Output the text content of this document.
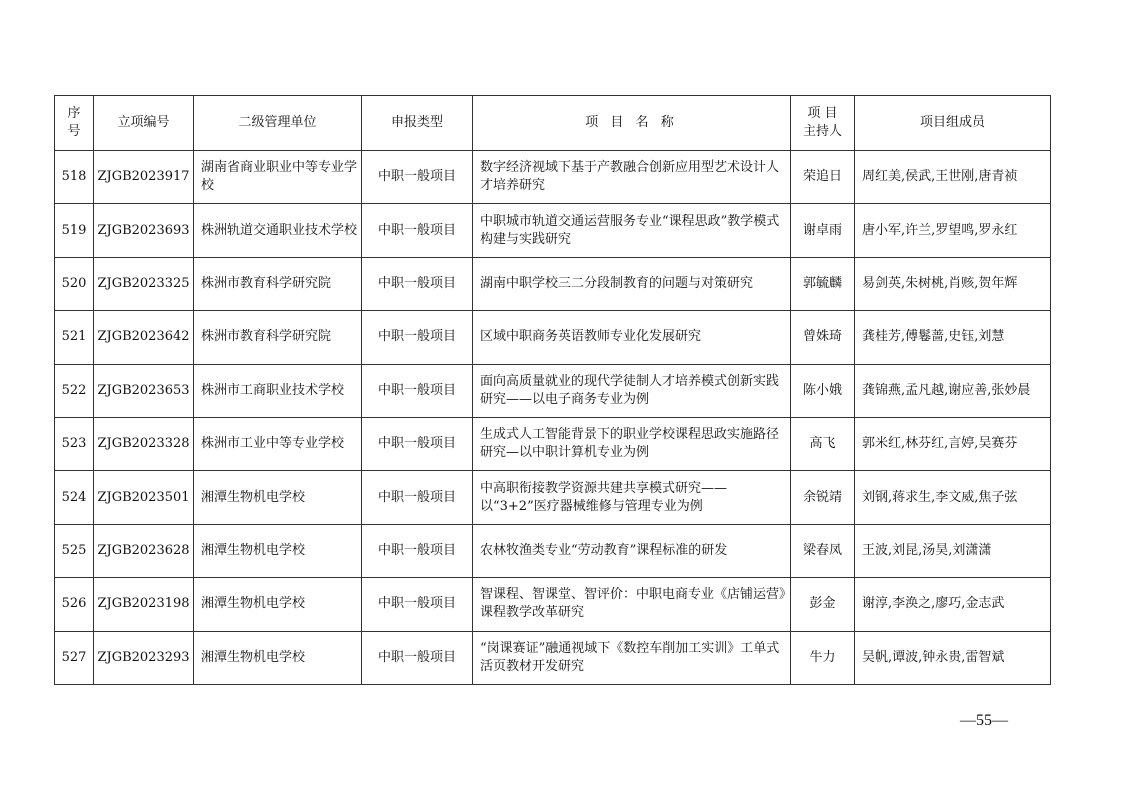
序号	立项编号	二级管理单位	申报类型	项 目 名 称	项 目 主持人	项目组成员
518	ZJGB2023917	湖南省商业职业中等专业学校	中职一般项目	数字经济视域下基于产教融合创新应用型艺术设计人才培养研究	荣追日	周红美,侯武,王世刚,唐青祯
519	ZJGB2023693	株洲轨道交通职业技术学校	中职一般项目	中职城市轨道交通运营服务专业“课程思政”教学模式构建与实践研究	谢卓雨	唐小军,许兰,罗望鸣,罗永红
520	ZJGB2023325	株洲市教育科学研究院	中职一般项目	湖南中职学校三二分段制教育的问题与对策研究	郭毓麟	易剑英,朱树桃,肖赅,贺年辉
521	ZJGB2023642	株洲市教育科学研究院	中职一般项目	区域中职商务英语教师专业化发展研究	曾姝琦	龚桂芳,傅鬈蔷,史钰,刘慧
522	ZJGB2023653	株洲市工商职业技术学校	中职一般项目	面向高质量就业的现代学徒制人才培养模式创新实践研究——以电子商务专业为例	陈小娥	龚锦燕,孟凡越,谢应善,张妙晨
523	ZJGB2023328	株洲市工业中等专业学校	中职一般项目	生成式人工智能背景下的职业学校课程思政实施路径研究—以中职计算机专业为例	高飞	郭米红,林芬红,言婷,吴赛芬
524	ZJGB2023501	湘潭生物机电学校	中职一般项目	中高职衔接教学资源共建共享模式研究——以“3+2”医疗器械维修与管理专业为例	余锐靖	刘钢,蒋求生,李文威,焦子弦
525	ZJGB2023628	湘潭生物机电学校	中职一般项目	农林牧渔类专业“劳动教育”课程标准的研发	梁春凤	王波,刘昆,汤昊,刘潇潇
526	ZJGB2023198	湘潭生物机电学校	中职一般项目	智课程、智课堂、智评价：中职电商专业《店铺运营》课程教学改革研究	彭金	谢淳,李涣之,廖巧,金志武
527	ZJGB2023293	湘潭生物机电学校	中职一般项目	“岗课赛证”融通视域下《数控车削加工实训》工单式活页教材开发研究	牛力	吴帆,谭波,钟永贵,雷智斌
—55—
